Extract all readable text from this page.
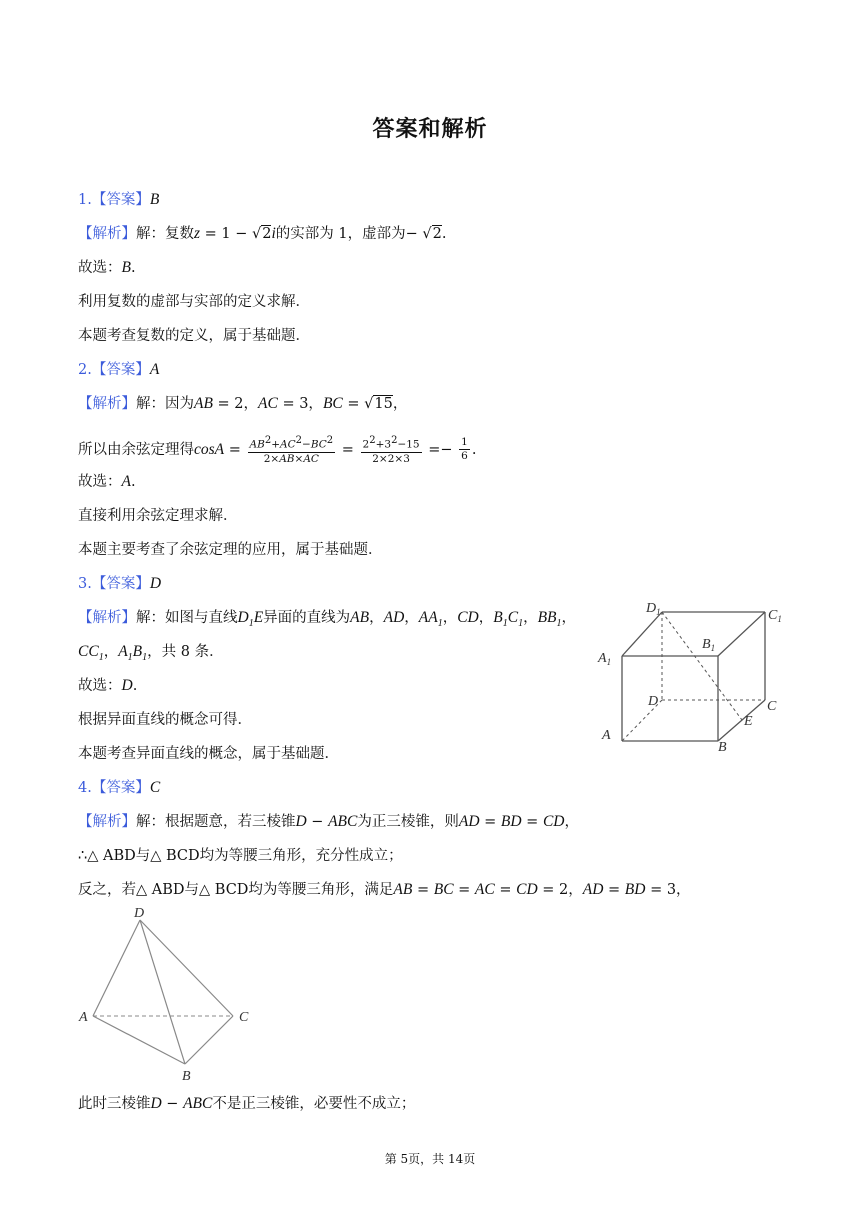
答案和解析
1.【答案】B
【解析】解：复数z = 1 − √2i的实部为 1，虚部为− √2.
故选：B.
利用复数的虚部与实部的定义求解．
本题考查复数的定义，属于基础题．
2.【答案】A
【解析】解：因为AB = 2，AC = 3，BC = √15，
所以由余弦定理得$\cos A = \frac{AB^2+AC^2-BC^2}{2\times AB\times AC} = \frac{2^2+3^2-15}{2\times 2\times 3} =- \frac{1}{6}$ .
故选：A.
直接利用余弦定理求解．
本题主要考查了余弦定理的应用，属于基础题．
3.【答案】D
【解析】解：如图与直线$D_1E$异面的直线为AB，AD，$AA_1$，CD，$B_1C_1$，$BB_1$，
$CC_1$，$A_1B_1$，共 8 条．
故选：D.
根据异面直线的概念可得．
本题考查异面直线的概念，属于基础题．
$D_1$	$C_1$
$B_1$
$A_1$
D	C
E
A
B
4.【答案】C
【解析】解：根据题意，若三棱锥D − ABC为正三棱锥，则AD = BD = CD，
∴△ ABD与△ BCD均为等腰三角形，充分性成立；
反之，若△ ABD与△ BCD均为等腰三角形，满足AB = BC = AC = CD = 2，AD = BD = 3，
D
A	C
B
此时三棱锥D − ABC不是正三棱锥，必要性不成立；
第 5页，共 14页
